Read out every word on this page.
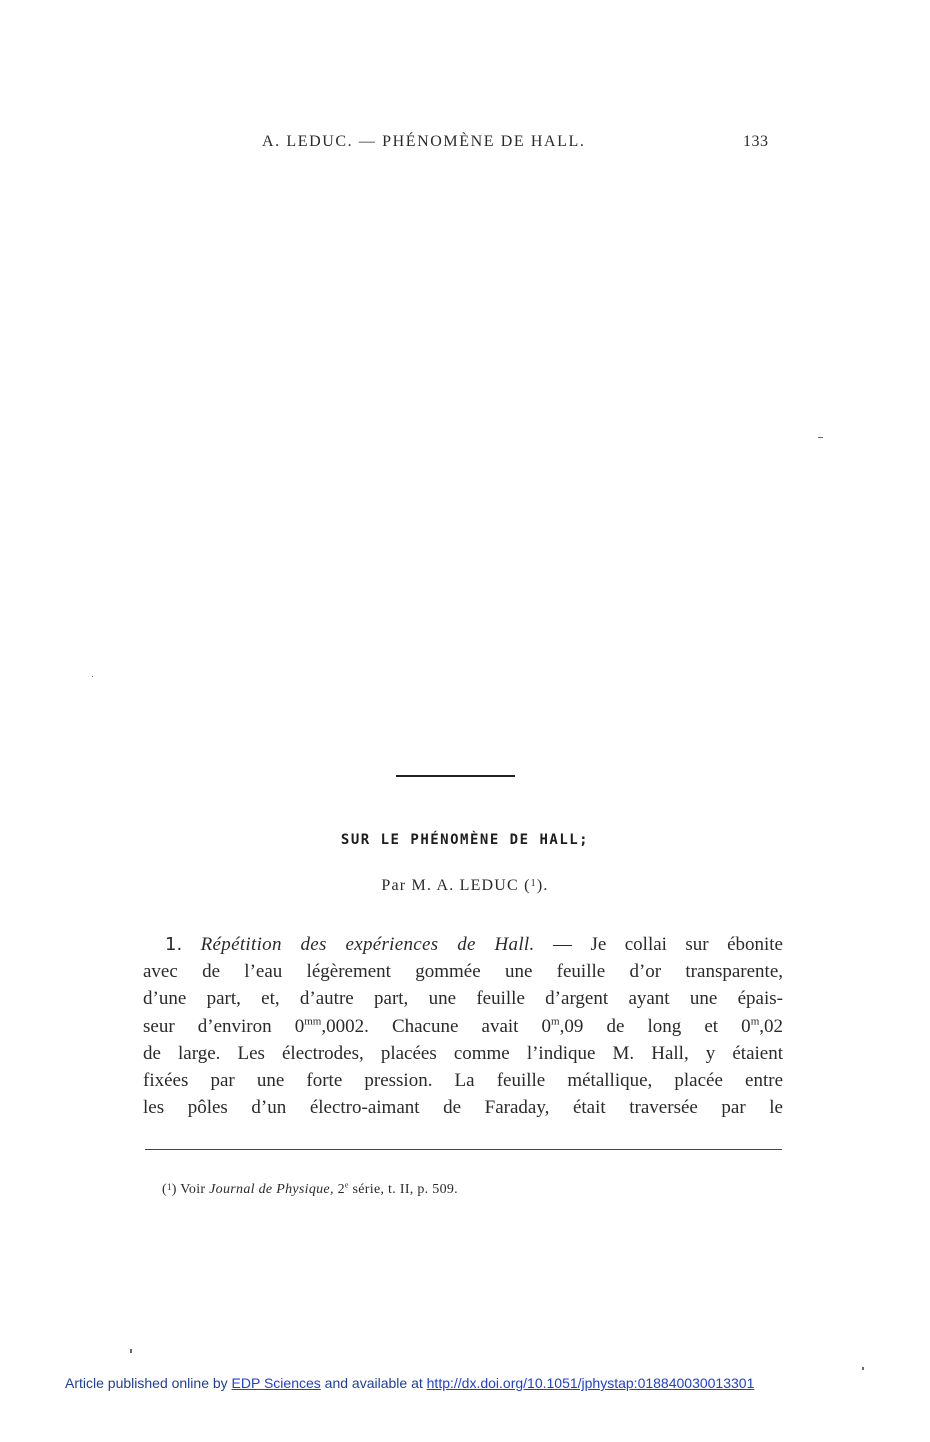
A. LEDUC. — PHÉNOMÈNE DE HALL.	133
SUR LE PHÉNOMÈNE DE HALL;
Par M. A. LEDUC ($^1$).
1. Répétition des expériences de Hall. — Je collai sur ébonite
avec de l’eau légèrement gommée une feuille d’or transparente,
d’une part, et, d’autre part, une feuille d’argent ayant une épais-
seur d’environ $0^{mm},0002$. Chacune avait 0$^m$,09 de long et 0$^m$,02
de large. Les électrodes, placées comme l’indique M. Hall, y étaient
fixées par une forte pression. La feuille métallique, placée entre
les pôles d’un électro-aimant de Faraday, était traversée par le
($^1$) Voir Journal de Physique, 2e série, t. II, p. 509.
Article published online by EDP Sciences and available at http://dx.doi.org/10.1051/jphystap:018840030013301
